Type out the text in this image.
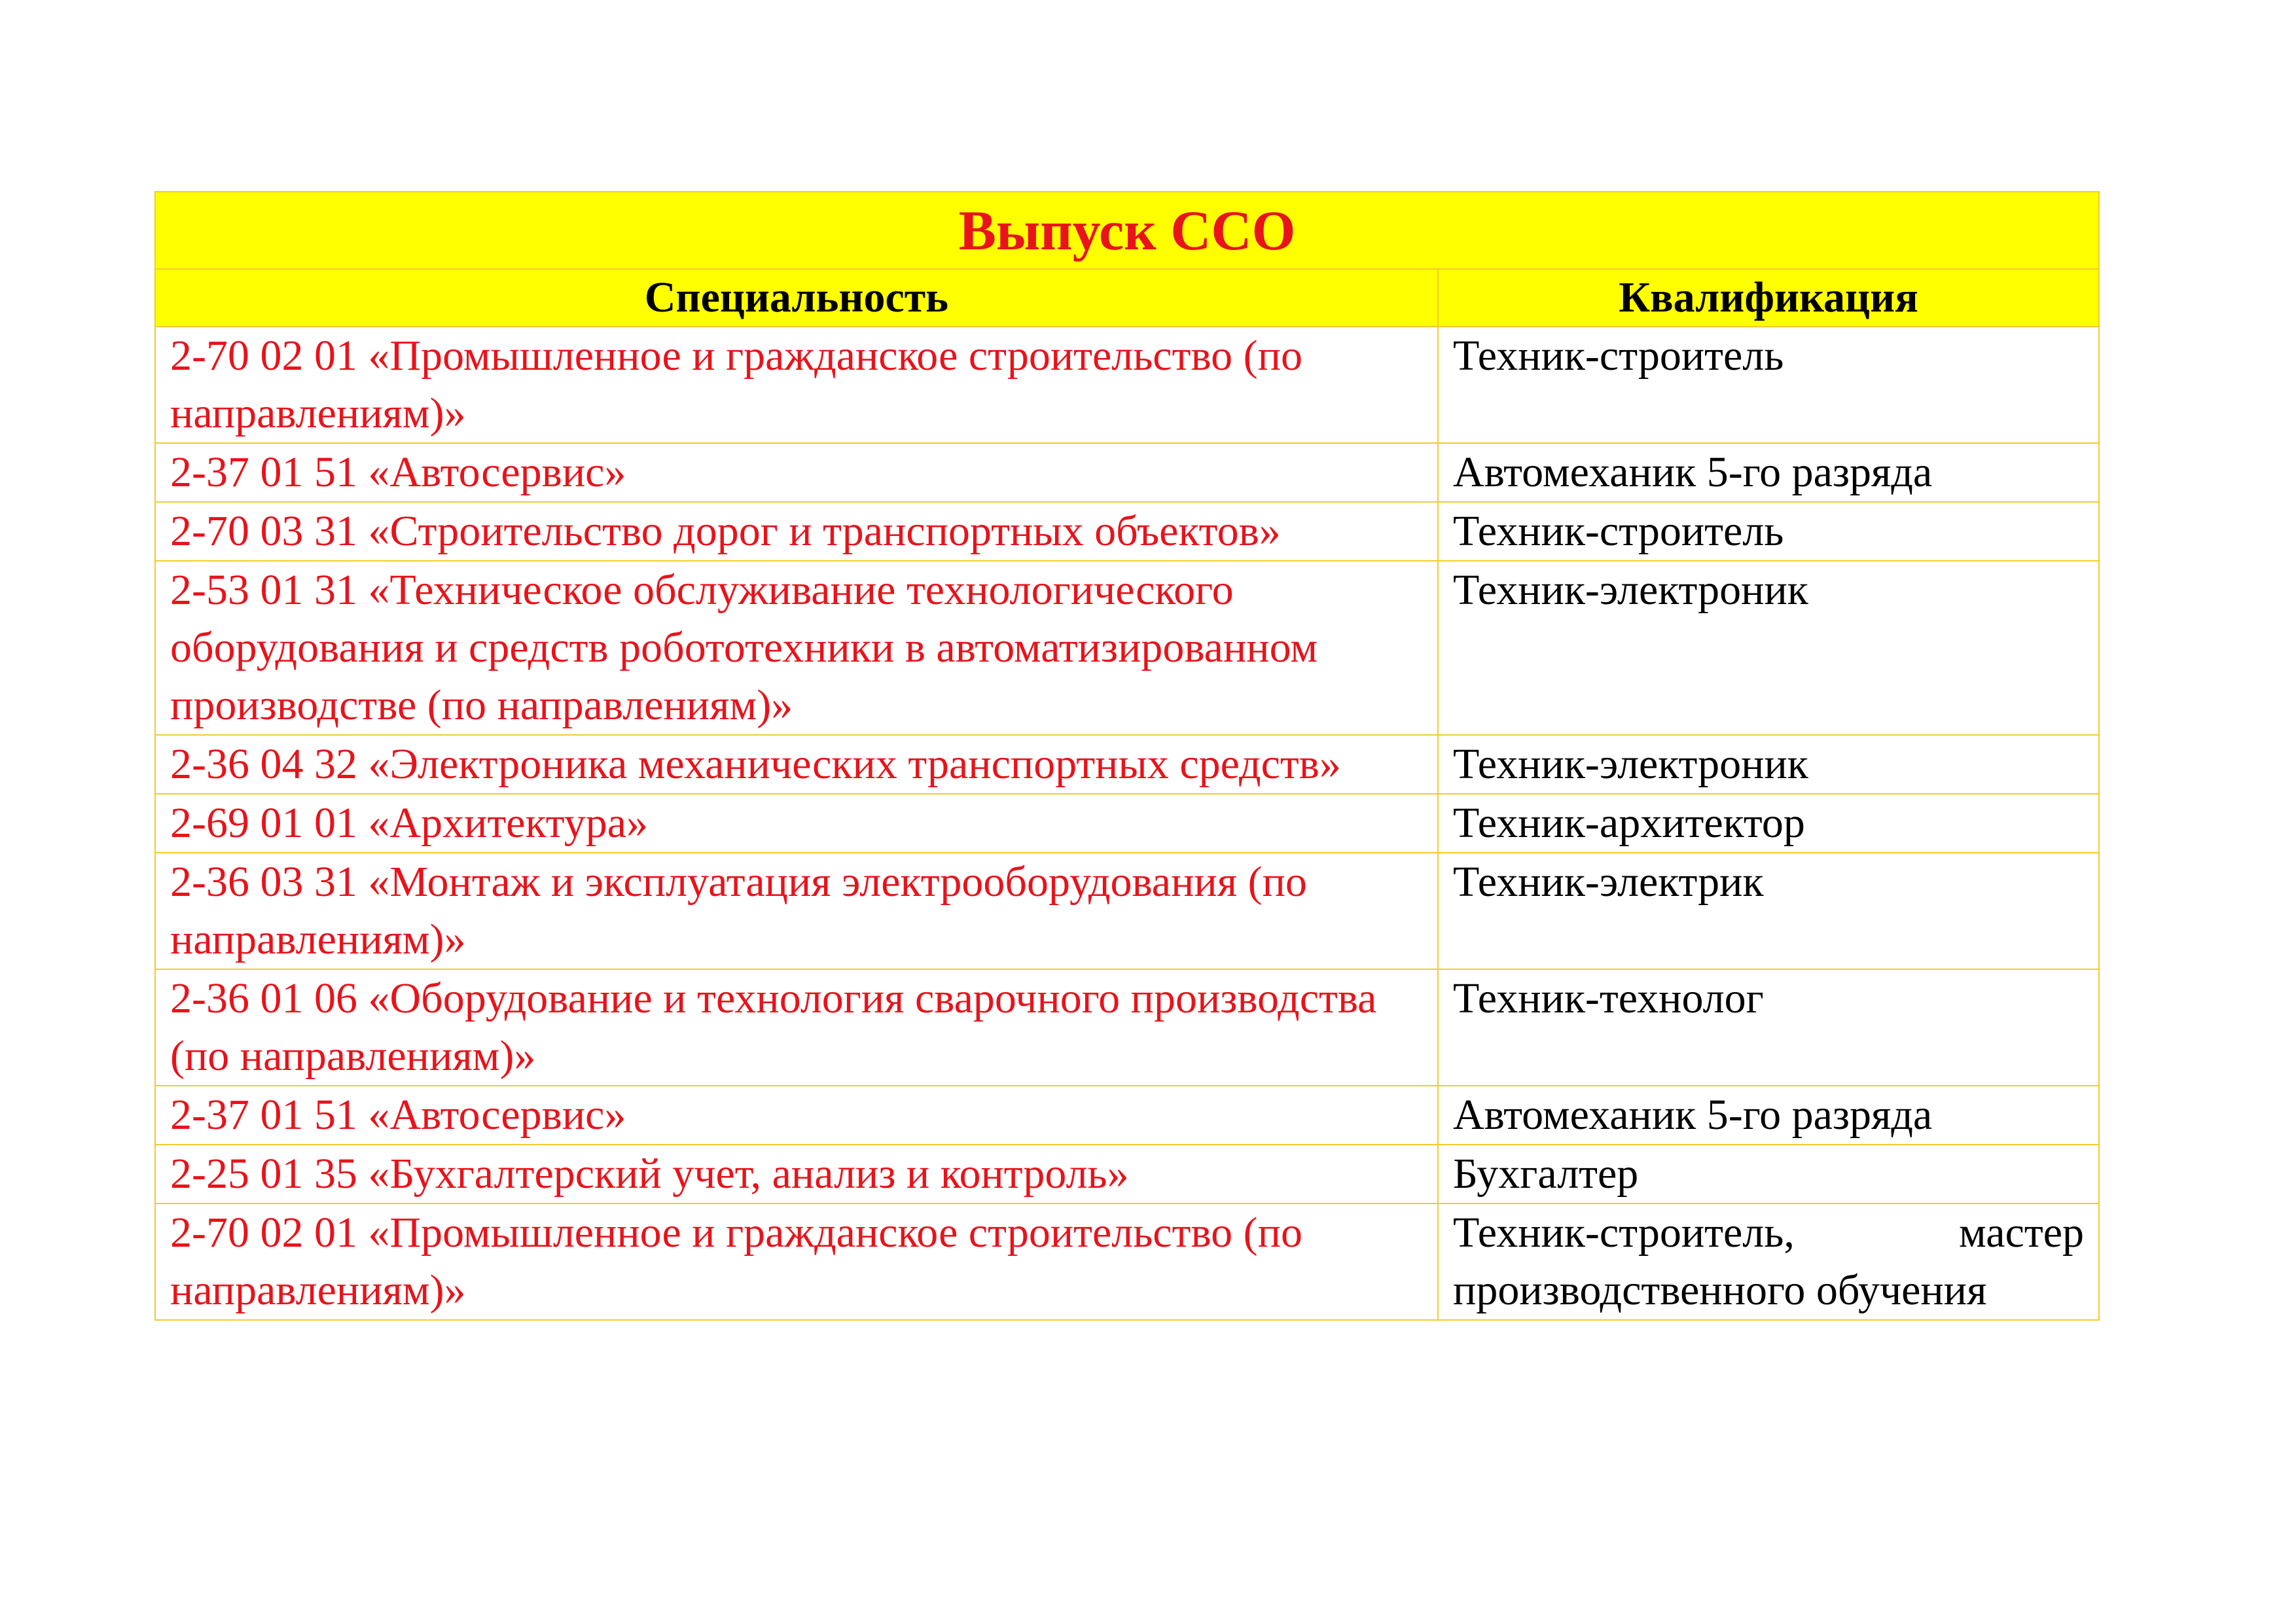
Выпуск ССО	
Специальность	Квалификация
2-70 02 01 «Промышленное и гражданское строительство (по направлениям)»	Техник-строитель
2-37 01 51 «Автосервис»	Автомеханик 5-го разряда
2-70 03 31 «Строительство дорог и транспортных объектов»	Техник-строитель
2-53 01 31 «Техническое обслуживание технологического оборудования и средств робототехники в автоматизированном производстве (по направлениям)»	Техник-электроник
2-36 04 32 «Электроника механических транспортных средств»	Техник-электроник
2-69 01 01 «Архитектура»	Техник-архитектор
2-36 03 31 «Монтаж и эксплуатация электрооборудования (по направлениям)»	Техник-электрик
2-36 01 06 «Оборудование и технология сварочного производства (по направлениям)»	Техник-технолог
2-37 01 51 «Автосервис»	Автомеханик 5-го разряда
2-25 01 35 «Бухгалтерский учет, анализ и контроль»	Бухгалтер
2-70 02 01 «Промышленное и гражданское строительство (по направлениям)»	Техник-строитель, мастер производственного обучения
